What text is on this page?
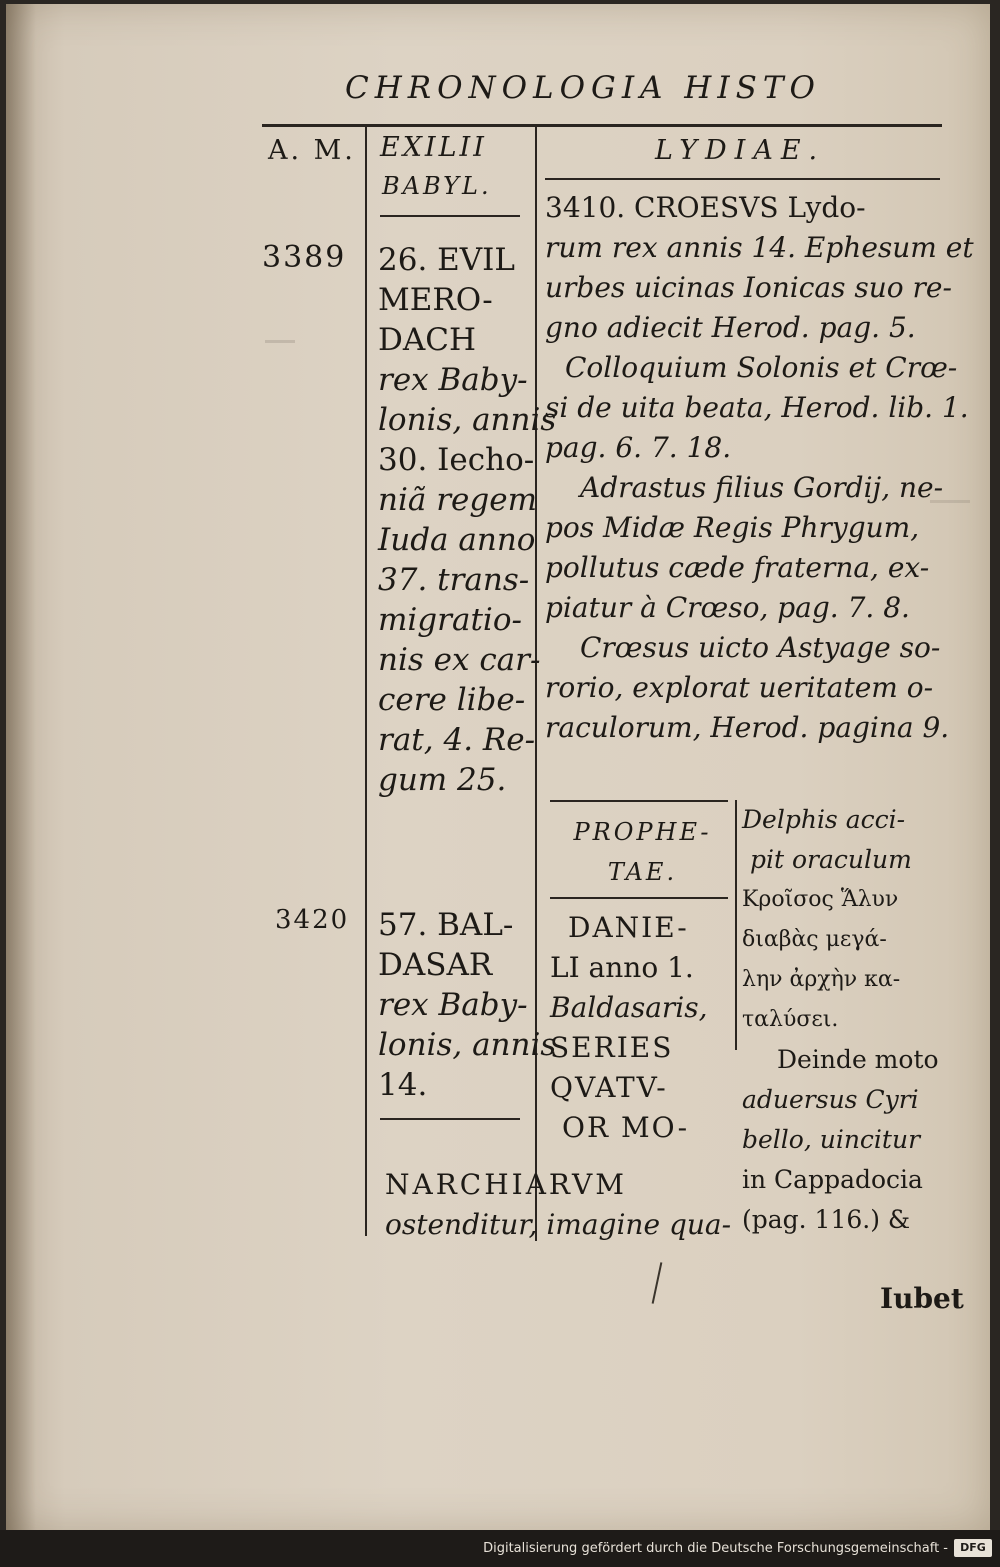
CHRONOLOGIA HISTO
A. M. EXILII
BABYL.
LYDIAE.
3389
3420
26. EVIL
MERO-
DACH
rex Baby-
lonis, annis
30. Iecho-
niã regem
Iuda anno
37. trans-
migratio-
nis ex car-
cere libe-
rat, 4. Re-
gum 25.
57. BAL-
DASAR
rex Baby-
lonis, annis
14.
3410. CROESVS Lydo-
rum rex annis 14. Ephesum et
urbes uicinas Ionicas suo re-
gno adiecit Herod. pag. 5.
Colloquium Solonis et Crœ-
si de uita beata, Herod. lib. 1.
pag. 6. 7. 18.
Adrastus filius Gordij, ne-
pos Midæ Regis Phrygum,
pollutus cæde fraterna, ex-
piatur à Crœso, pag. 7. 8.
Crœsus uicto Astyage so-
rorio, explorat ueritatem o-
raculorum, Herod. pagina 9.
PROPHE-
TAE.
DANIE-
LI anno 1.
Baldasaris,
SERIES
QVATV-
OR MO-
Delphis acci-
pit oraculum
Κροῖσος Ἅλυν
διαβὰς μεγά-
λην ἀρχὴν κα-
ταλύσει.
Deinde moto
aduersus Cyri
bello, uincitur
in Cappadocia
(pag. 116.) &
NARCHIARVM
ostenditur, imagine qua-
Iubet
Digitalisierung gefördert durch die Deutsche Forschungsgemeinschaft -	DFG
